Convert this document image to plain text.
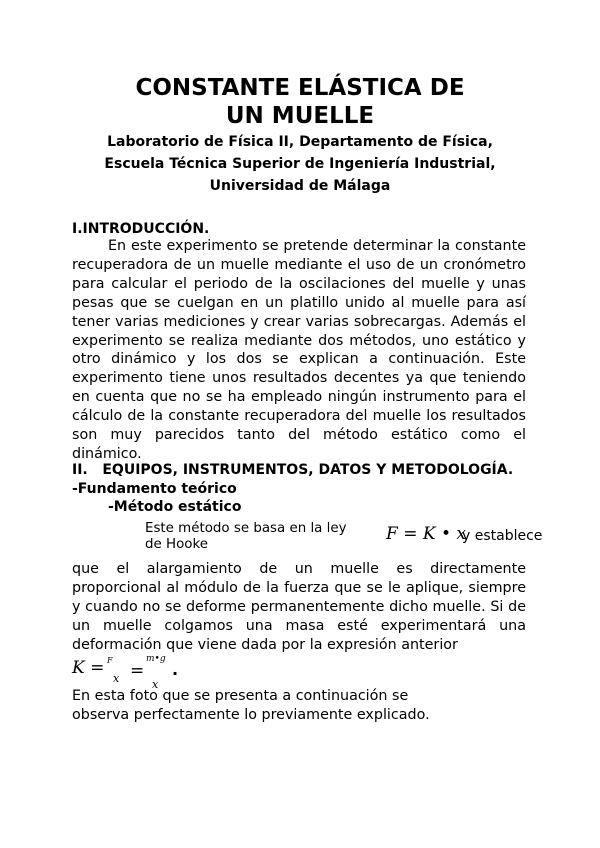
CONSTANTE ELÁSTICA DE
UN MUELLE
Laboratorio de Física II, Departamento de Física,
Escuela Técnica Superior de Ingeniería Industrial,
Universidad de Málaga
I.INTRODUCCIÓN.
En este experimento se pretende determinar la constante recuperadora de un muelle mediante el uso de un cronómetro para calcular el periodo de la oscilaciones del muelle y unas pesas que se cuelgan en un platillo unido al muelle para así tener varias mediciones y crear varias sobrecargas. Además el experimento se realiza mediante dos métodos, uno estático y otro dinámico y los dos se explican a continuación. Este experimento tiene unos resultados decentes ya que teniendo en cuenta que no se ha empleado ningún instrumento para el cálculo de la constante recuperadora del muelle los resultados son muy parecidos tanto del método estático como el dinámico.
II.   EQUIPOS, INSTRUMENTOS, DATOS Y METODOLOGÍA.
-Fundamento teórico
-Método estático
Este método se basa en la ley
de Hooke
F = K • x
y establece
que el alargamiento de un muelle es directamente proporcional al módulo de la fuerza que se le aplique, siempre y cuando no se deforme permanentemente dicho muelle. Si de un muelle colgamos una masa esté experimentará una deformación que viene dada por la expresión anterior
K = F
x =
m•g
x
.
En esta foto que se presenta a continuación se observa perfectamente lo previamente explicado.
